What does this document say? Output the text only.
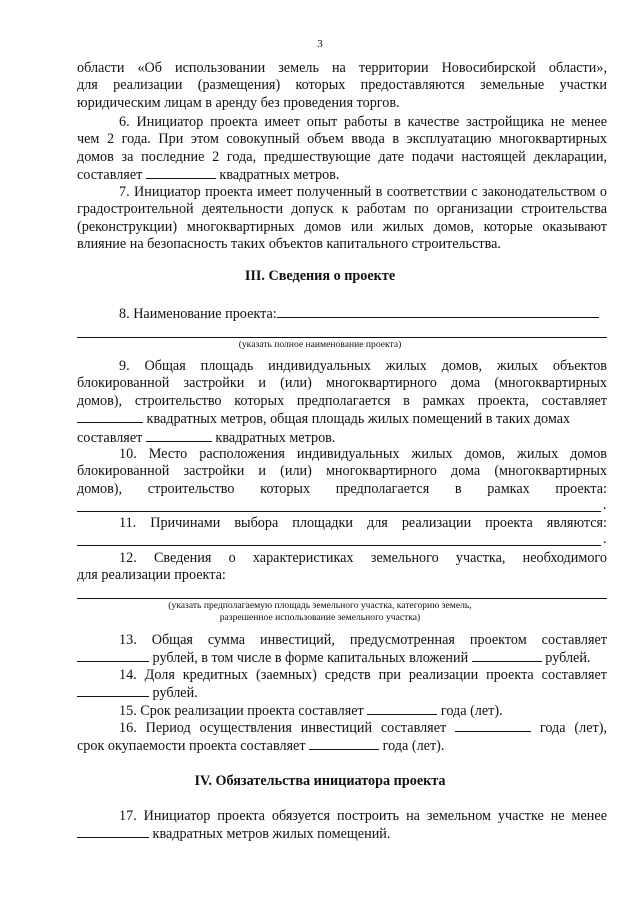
3
области «Об использовании земель на территории Новосибирской области»,
для реализации (размещения) которых предоставляются земельные участки
юридическим лицам в аренду без проведения торгов.
6. Инициатор проекта имеет опыт работы в качестве застройщика не менее
чем 2 года. При этом совокупный объем ввода в эксплуатацию многоквартирных
домов за последние 2 года, предшествующие дате подачи настоящей декларации,
составляет	квадратных метров.
7. Инициатор проекта имеет полученный в соответствии с законодательством о
градостроительной деятельности допуск к работам по организации строительства
(реконструкции) многоквартирных домов или жилых домов, которые оказывают
влияние на безопасность таких объектов капитального строительства.
III. Сведения о проекте
8. Наименование проекта:
(указать полное наименование проекта)
9. Общая площадь индивидуальных жилых домов, жилых объектов
блокированной застройки и (или) многоквартирного дома (многоквартирных
домов), строительство которых предполагается в рамках проекта, составляет
квадратных метров, общая площадь жилых помещений в таких домах
составляет	квадратных метров.
10. Место расположения индивидуальных жилых домов, жилых домов
блокированной застройки и (или) многоквартирного дома (многоквартирных
домов), строительство которых предполагается в рамках проекта:
.
11. Причинами выбора площадки для реализации проекта являются:
.
12. Сведения о характеристиках земельного участка, необходимого
для реализации проекта:
(указать предполагаемую площадь земельного участка, категорию земель,
разрешенное использование земельного участка)
13. Общая сумма инвестиций, предусмотренная проектом составляет
рублей, в том числе в форме капитальных вложений	рублей.
14. Доля кредитных (заемных) средств при реализации проекта составляет
рублей.
15. Срок реализации проекта составляет	года (лет).
16. Период осуществления инвестиций составляет	года (лет),
срок окупаемости проекта составляет	года (лет).
IV. Обязательства инициатора проекта
17. Инициатор проекта обязуется построить на земельном участке не менее
квадратных метров жилых помещений.
